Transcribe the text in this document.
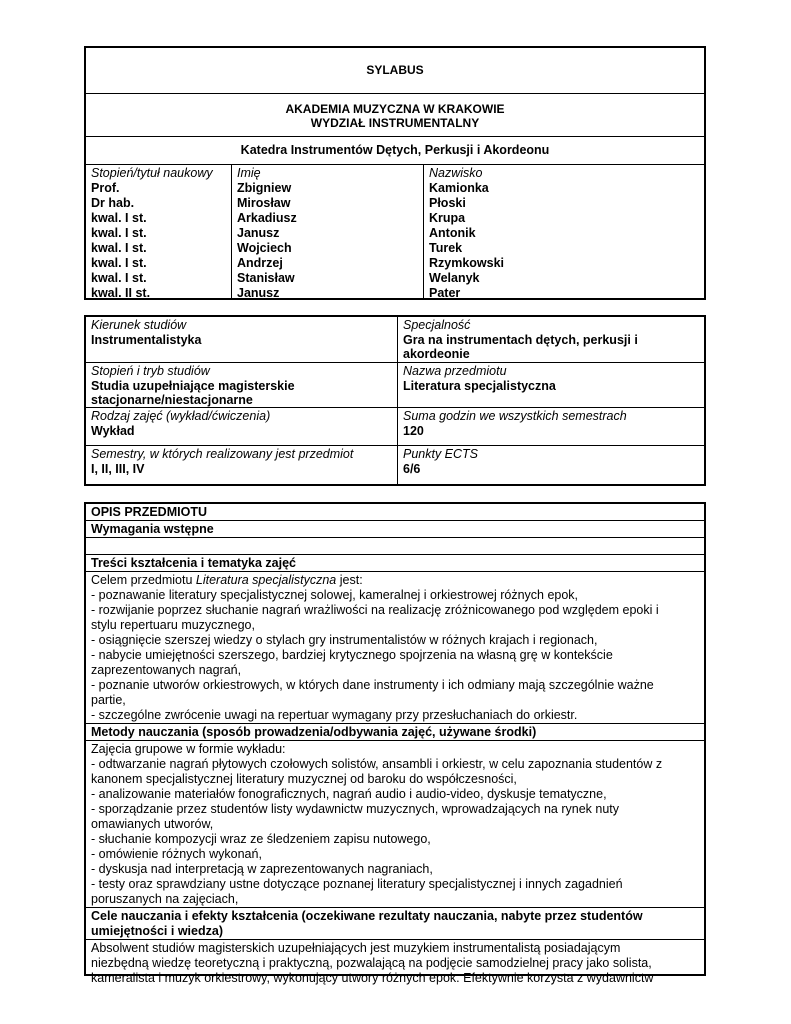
SYLABUS
AKADEMIA MUZYCZNA W KRAKOWIE
WYDZIAŁ INSTRUMENTALNY
Katedra Instrumentów Dętych, Perkusji i Akordeonu
Stopień/tytuł naukowy
Prof.
Dr hab.
kwal. I st.
kwal. I st.
kwal. I st.
kwal. I st.
kwal. I st.
kwal. II st.
Imię
Zbigniew
Mirosław
Arkadiusz
Janusz
Wojciech
Andrzej
Stanisław
Janusz
Nazwisko
Kamionka
Płoski
Krupa
Antonik
Turek
Rzymkowski
Welanyk
Pater
Kierunek studiów
Instrumentalistyka
Specjalność
Gra na instrumentach dętych, perkusji i
akordeonie
Stopień i tryb studiów
Studia uzupełniające magisterskie
stacjonarne/niestacjonarne
Nazwa przedmiotu
Literatura specjalistyczna
Rodzaj zajęć (wykład/ćwiczenia)
Wykład
Suma godzin we wszystkich semestrach
120
Semestry, w których realizowany jest przedmiot
I, II, III, IV
Punkty ECTS
6/6
OPIS PRZEDMIOTU
Wymagania wstępne
Treści kształcenia i tematyka zajęć
Celem przedmiotu Literatura specjalistyczna jest:
- poznawanie literatury specjalistycznej solowej, kameralnej i orkiestrowej różnych epok,
- rozwijanie poprzez słuchanie nagrań wrażliwości na realizację zróżnicowanego pod względem epoki i
stylu repertuaru muzycznego,
- osiągnięcie szerszej wiedzy o stylach gry instrumentalistów w różnych krajach i regionach,
- nabycie umiejętności szerszego, bardziej krytycznego spojrzenia na własną grę w kontekście
zaprezentowanych nagrań,
- poznanie utworów orkiestrowych, w których dane instrumenty i ich odmiany mają szczególnie ważne
partie,
- szczególne zwrócenie uwagi na repertuar wymagany przy przesłuchaniach do orkiestr.
Metody nauczania (sposób prowadzenia/odbywania zajęć, używane środki)
Zajęcia grupowe w formie wykładu:
- odtwarzanie nagrań płytowych czołowych solistów, ansambli i orkiestr, w celu zapoznania studentów z
kanonem specjalistycznej literatury muzycznej od baroku do współczesności,
- analizowanie materiałów fonograficznych, nagrań audio i audio-video, dyskusje tematyczne,
- sporządzanie przez studentów listy wydawnictw muzycznych, wprowadzających na rynek nuty
omawianych utworów,
- słuchanie kompozycji wraz ze śledzeniem zapisu nutowego,
- omówienie różnych wykonań,
- dyskusja nad interpretacją w zaprezentowanych nagraniach,
- testy oraz sprawdziany ustne dotyczące poznanej literatury specjalistycznej i innych zagadnień
poruszanych na zajęciach,
Cele nauczania i efekty kształcenia (oczekiwane rezultaty nauczania, nabyte przez studentów
umiejętności i wiedza)
Absolwent studiów magisterskich uzupełniających jest muzykiem instrumentalistą posiadającym
niezbędną wiedzę teoretyczną i praktyczną, pozwalającą na podjęcie samodzielnej pracy jako solista,
kameralista i muzyk orkiestrowy, wykonujący utwory różnych epok. Efektywnie korzysta z wydawnictw
